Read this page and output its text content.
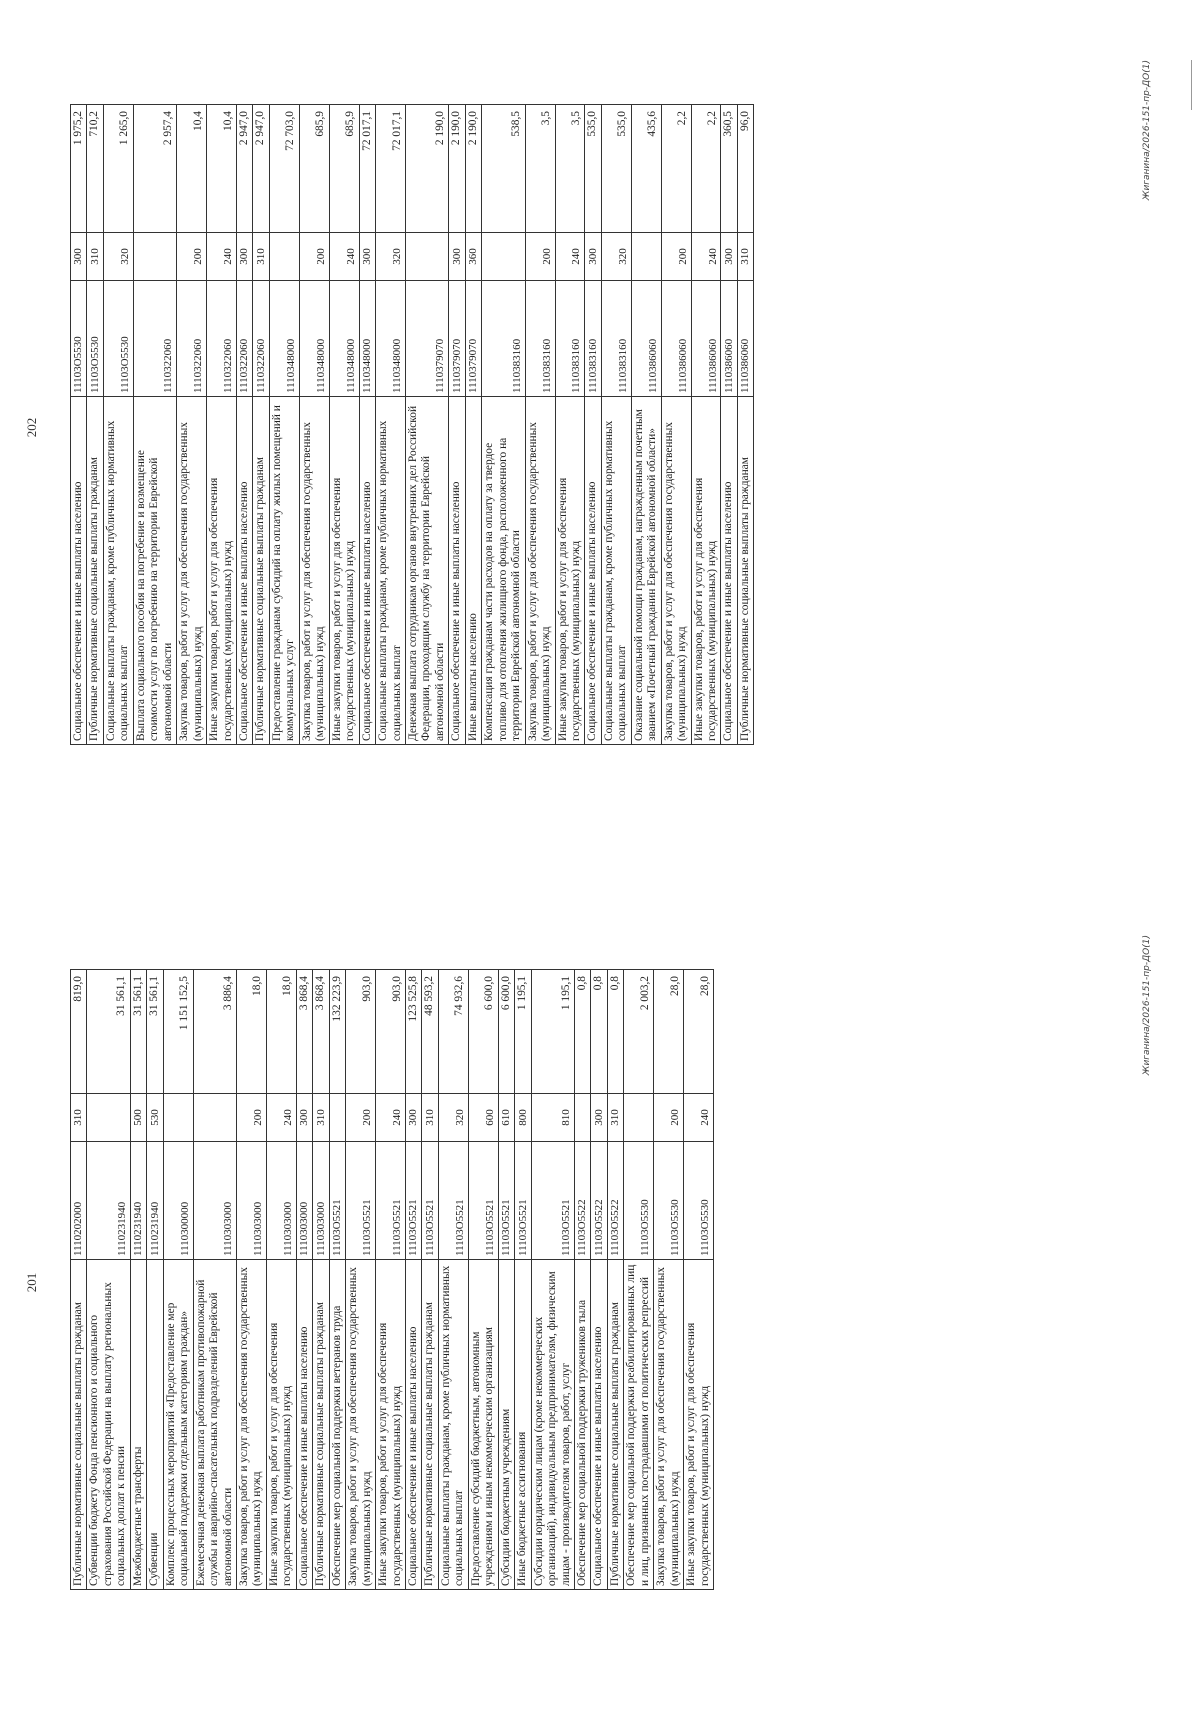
201
Публичные нормативные социальные выплаты гражданам	1110202000	310	819,0
Субвенции бюджету Фонда пенсионного и социального страхования Российской Федерации на выплату региональных социальных доплат к пенсии	1110231940		31 561,1
Межбюджетные трансферты	1110231940	500	31 561,1
Субвенции	1110231940	530	31 561,1
Комплекс процессных мероприятий «Предоставление мер социальной поддержки отдельным категориям граждан»	1110300000		1 151 152,5
Ежемесячная денежная выплата работникам противопожарной службы и аварийно-спасательных подразделений Еврейской автономной области	1110303000		3 886,4
Закупка товаров, работ и услуг для обеспечения государственных (муниципальных) нужд	1110303000	200	18,0
Иные закупки товаров, работ и услуг для обеспечения государственных (муниципальных) нужд	1110303000	240	18,0
Социальное обеспечение и иные выплаты населению	1110303000	300	3 868,4
Публичные нормативные социальные выплаты гражданам	1110303000	310	3 868,4
Обеспечение мер социальной поддержки ветеранов труда	11103О5521		132 223,9
Закупка товаров, работ и услуг для обеспечения государственных (муниципальных) нужд	11103О5521	200	903,0
Иные закупки товаров, работ и услуг для обеспечения государственных (муниципальных) нужд	11103О5521	240	903,0
Социальное обеспечение и иные выплаты населению	11103О5521	300	123 525,8
Публичные нормативные социальные выплаты гражданам	11103О5521	310	48 593,2
Социальные выплаты гражданам, кроме публичных нормативных социальных выплат	11103О5521	320	74 932,6
Предоставление субсидий бюджетным, автономным учреждениям и иным некоммерческим организациям	11103О5521	600	6 600,0
Субсидии бюджетным учреждениям	11103О5521	610	6 600,0
Иные бюджетные ассигнования	11103О5521	800	1 195,1
Субсидии юридическим лицам (кроме некоммерческих организаций), индивидуальным предпринимателям, физическим лицам - производителям товаров, работ, услуг	11103О5521	810	1 195,1
Обеспечение мер социальной поддержки тружеников тыла	11103О5522		0,8
Социальное обеспечение и иные выплаты населению	11103О5522	300	0,8
Публичные нормативные социальные выплаты гражданам	11103О5522	310	0,8
Обеспечение мер социальной поддержки реабилитированных лиц и лиц, признанных пострадавшими от политических репрессий	11103О5530		2 003,2
Закупка товаров, работ и услуг для обеспечения государственных (муниципальных) нужд	11103О5530	200	28,0
Иные закупки товаров, работ и услуг для обеспечения государственных (муниципальных) нужд	11103О5530	240	28,0	Жиганина/2026-151-пр-ДО(1)
202
Социальное обеспечение и иные выплаты населению	11103О5530	300	1 975,2
Публичные нормативные социальные выплаты гражданам	11103О5530	310	710,2
Социальные выплаты гражданам, кроме публичных нормативных социальных выплат	11103О5530	320	1 265,0
Выплата социального пособия на погребение и возмещение стоимости услуг по погребению на территории Еврейской автономной области	1110322060		2 957,4
Закупка товаров, работ и услуг для обеспечения государственных (муниципальных) нужд	1110322060	200	10,4
Иные закупки товаров, работ и услуг для обеспечения государственных (муниципальных) нужд	1110322060	240	10,4
Социальное обеспечение и иные выплаты населению	1110322060	300	2 947,0
Публичные нормативные социальные выплаты гражданам	1110322060	310	2 947,0
Предоставление гражданам субсидий на оплату жилых помещений и коммунальных услуг	1110348000		72 703,0
Закупка товаров, работ и услуг для обеспечения государственных (муниципальных) нужд	1110348000	200	685,9
Иные закупки товаров, работ и услуг для обеспечения государственных (муниципальных) нужд	1110348000	240	685,9
Социальное обеспечение и иные выплаты населению	1110348000	300	72 017,1
Социальные выплаты гражданам, кроме публичных нормативных социальных выплат	1110348000	320	72 017,1
Денежная выплата сотрудникам органов внутренних дел Российской Федерации, проходящим службу на территории Еврейской автономной области	1110379070		2 190,0
Социальное обеспечение и иные выплаты населению	1110379070	300	2 190,0
Иные выплаты населению	1110379070	360	2 190,0
Компенсация гражданам части расходов на оплату за твердое топливо для отопления жилищного фонда, расположенного на территории Еврейской автономной области	1110383160		538,5
Закупка товаров, работ и услуг для обеспечения государственных (муниципальных) нужд	1110383160	200	3,5
Иные закупки товаров, работ и услуг для обеспечения государственных (муниципальных) нужд	1110383160	240	3,5
Социальное обеспечение и иные выплаты населению	1110383160	300	535,0
Социальные выплаты гражданам, кроме публичных нормативных социальных выплат	1110383160	320	535,0
Оказание социальной помощи гражданам, награжденным почетным званием «Почетный гражданин Еврейской автономной области»	1110386060		435,6
Закупка товаров, работ и услуг для обеспечения государственных (муниципальных) нужд	1110386060	200	2,2
Иные закупки товаров, работ и услуг для обеспечения государственных (муниципальных) нужд	1110386060	240	2,2
Социальное обеспечение и иные выплаты населению	1110386060	300	360,5
Публичные нормативные социальные выплаты гражданам	1110386060	310	96,0	Жиганина/2026-151-пр-ДО(1)
